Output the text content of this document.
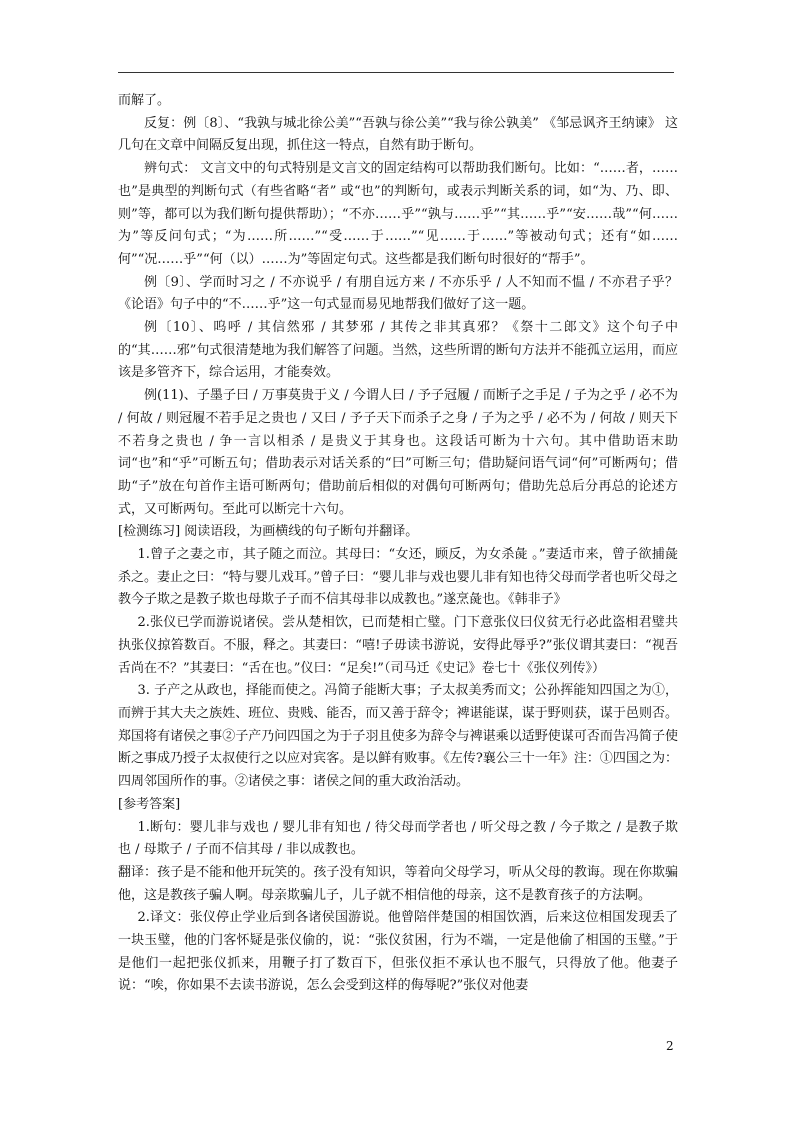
而解了。

反复：例〔8〕、“我孰与城北徐公美”“吾孰与徐公美”“我与徐公孰美” 《邹忌讽齐王纳谏》 这几句在文章中间隔反复出现，抓住这一特点，自然有助于断句。

辨句式： 文言文中的句式特别是文言文的固定结构可以帮助我们断句。比如：“……者，……也”是典型的判断句式（有些省略“者” 或“也”的判断句，或表示判断关系的词，如“为、乃、即、则”等，都可以为我们断句提供帮助）；“不亦……乎”“孰与……乎”“其……乎”“安……哉”“何……为”等反问句式；“为……所……”“受……于……”“见……于……”等被动句式；还有“如……何”“况……乎”“何（以）……为”等固定句式。这些都是我们断句时很好的“帮手”。

例〔9〕、学而时习之 / 不亦说乎 / 有朋自远方来 / 不亦乐乎 / 人不知而不愠 / 不亦君子乎？《论语》句子中的“不……乎”这一句式显而易见地帮我们做好了这一题。

例〔10〕、呜呼 / 其信然邪 / 其梦邪 / 其传之非其真邪？《祭十二郎文》这个句子中的“其……邪”句式很清楚地为我们解答了问题。当然，这些所谓的断句方法并不能孤立运用，而应该是多管齐下，综合运用，才能奏效。

例(11)、子墨子曰 / 万事莫贵于义 / 今谓人曰 / 予子冠履 / 而断子之手足 / 子为之乎 / 必不为 / 何故 / 则冠履不若手足之贵也 / 又曰 / 予子天下而杀子之身 / 子为之乎 / 必不为 / 何故 / 则天下不若身之贵也 / 争一言以相杀 / 是贵义于其身也。这段话可断为十六句。其中借助语末助词“也”和“乎”可断五句；借助表示对话关系的“曰”可断三句；借助疑问语气词“何”可断两句；借助“子”放在句首作主语可断两句；借助前后相似的对偶句可断两句；借助先总后分再总的论述方式，又可断两句。至此可以断完十六句。

[检测练习] 阅读语段，为画横线的句子断句并翻译。

1.曾子之妻之市，其子随之而泣。其母曰：“女还，顾反，为女杀彘 。”妻适市来，曾子欲捕彘杀之。妻止之曰：“特与婴儿戏耳。”曾子曰：“婴儿非与戏也婴儿非有知也待父母而学者也听父母之教今子欺之是教子欺也母欺子子而不信其母非以成教也。”遂烹彘也。《韩非子》

2.张仪已学而游说诸侯。尝从楚相饮，已而楚相亡璧。门下意张仪曰仪贫无行必此盗相君璧共执张仪掠笞数百。不服，释之。其妻曰：“嘻!子毋读书游说，安得此辱乎?”张仪谓其妻曰：“视吾舌尚在不？”其妻曰：“舌在也。”仪曰：“足矣!”（司马迁《史记》卷七十《张仪列传》）

3. 子产之从政也，择能而使之。冯简子能断大事；子太叔美秀而文；公孙挥能知四国之为①，而辨于其大夫之族姓、班位、贵贱、能否，而又善于辞令；裨谌能谋，谋于野则获，谋于邑则否。郑国将有诸侯之事②子产乃问四国之为于子羽且使多为辞令与裨谌乘以适野使谋可否而告冯简子使断之事成乃授子太叔使行之以应对宾客。是以鲜有败事。《左传?襄公三十一年》注：①四国之为：四周邻国所作的事。②诸侯之事：诸侯之间的重大政治活动。

[参考答案]

1.断句：婴儿非与戏也 / 婴儿非有知也 / 待父母而学者也 / 听父母之教 / 今子欺之 / 是教子欺也 / 母欺子 / 子而不信其母 / 非以成教也。

翻译：孩子是不能和他开玩笑的。孩子没有知识，等着向父母学习，听从父母的教诲。现在你欺骗他，这是教孩子骗人啊。母亲欺骗儿子，儿子就不相信他的母亲，这不是教育孩子的方法啊。

2.译文：张仪停止学业后到各诸侯国游说。他曾陪伴楚国的相国饮酒，后来这位相国发现丢了一块玉璧，他的门客怀疑是张仪偷的，说：“张仪贫困，行为不端，一定是他偷了相国的玉璧。”于是他们一起把张仪抓来，用鞭子打了数百下，但张仪拒不承认也不服气，只得放了他。他妻子说：“唉，你如果不去读书游说，怎么会受到这样的侮辱呢?”张仪对他妻

2
